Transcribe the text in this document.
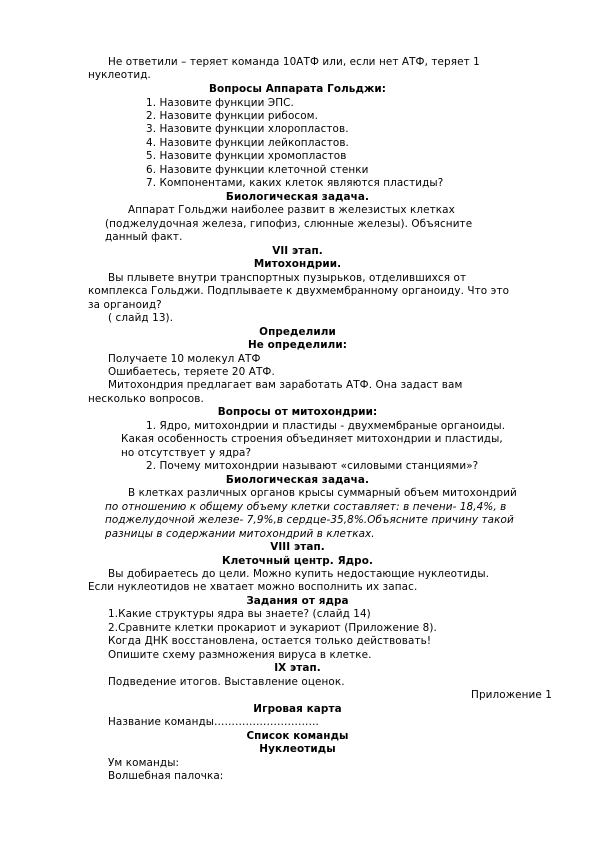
Не ответили – теряет команда 10АТФ или, если нет АТФ, теряет 1
нуклеотид.
Вопросы Аппарата Гольджи:
1. Назовите функции ЭПС.
2. Назовите функции рибосом.
3. Назовите функции хлоропластов.
4. Назовите функции лейкопластов.
5. Назовите функции хромопластов
6. Назовите функции клеточной стенки
7. Компонентами, каких клеток являются пластиды?
Биологическая задача.
Аппарат Гольджи наиболее развит в железистых клетках
(поджелудочная железа, гипофиз, слюнные железы). Объясните
данный факт.
VII этап.
Митохондрии.
Вы плывете внутри транспортных пузырьков, отделившихся от
комплекса Гольджи. Подплываете к двухмембранному органоиду. Что это
за органоид?
( слайд 13).
Определили
Не определили:
Получаете 10 молекул АТФ
Ошибаетесь, теряете 20 АТФ.
Митохондрия предлагает вам заработать АТФ. Она задаст вам
несколько вопросов.
Вопросы от митохондрии:
1. Ядро, митохондрии и пластиды - двухмембраные органоиды.
Какая особенность строения объединяет митохондрии и пластиды,
но отсутствует у ядра?
2. Почему митохондрии называют «силовыми станциями»?
Биологическая задача.
В клетках различных органов крысы суммарный объем митохондрий
по отношению к общему объему клетки составляет: в печени- 18,4%, в
поджелудочной железе- 7,9%,в сердце-35,8%.Объясните причину такой
разницы в содержании митохондрий в клетках.
VIII этап.
Клеточный центр. Ядро.
Вы добираетесь до цели. Можно купить недостающие нуклеотиды.
Если нуклеотидов не хватает можно восполнить их запас.
Задания от ядра
1.Какие структуры ядра вы знаете? (слайд 14)
2.Сравните клетки прокариот и эукариот (Приложение 8).
Когда ДНК восстановлена, остается только действовать!
Опишите схему размножения вируса в клетке.
IX этап.
Подведение итогов. Выставление оценок.
Приложение 1
Игровая карта
Название команды…………………………
Список команды
Нуклеотиды
Ум команды:
Волшебная палочка:
